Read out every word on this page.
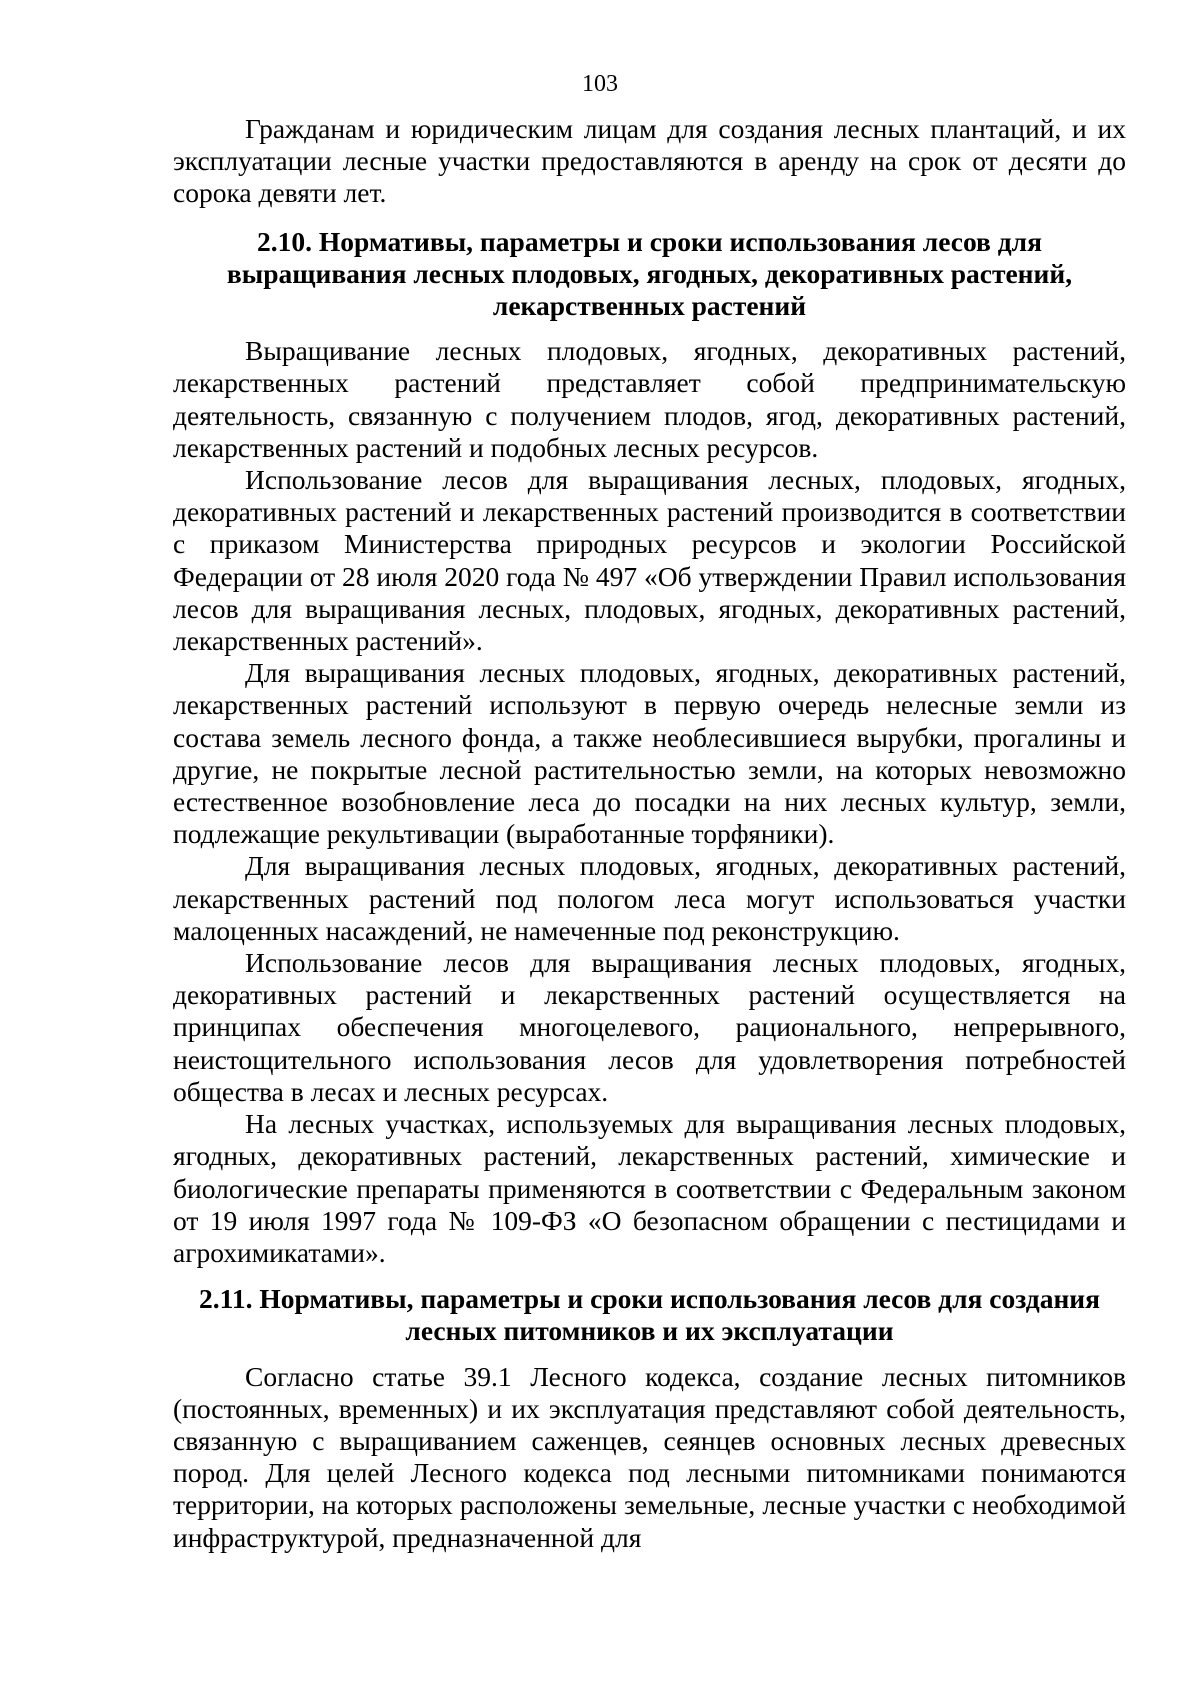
103

Гражданам и юридическим лицам для создания лесных плантаций, и их эксплуатации лесные участки предоставляются в аренду на срок от десяти до сорока девяти лет.

2.10. Нормативы, параметры и сроки использования лесов для
выращивания лесных плодовых, ягодных, декоративных растений,
лекарственных растений

Выращивание лесных плодовых, ягодных, декоративных растений, лекарственных растений представляет собой предпринимательскую деятельность, связанную с получением плодов, ягод, декоративных растений, лекарственных растений и подобных лесных ресурсов.

Использование лесов для выращивания лесных, плодовых, ягодных, декоративных растений и лекарственных растений производится в соответствии с приказом Министерства природных ресурсов и экологии Российской Федерации от 28 июля 2020 года № 497 «Об утверждении Правил использования лесов для выращивания лесных, плодовых, ягодных, декоративных растений, лекарственных растений».

Для выращивания лесных плодовых, ягодных, декоративных растений, лекарственных растений используют в первую очередь нелесные земли из состава земель лесного фонда, а также необлесившиеся вырубки, прогалины и другие, не покрытые лесной растительностью земли, на которых невозможно естественное возобновление леса до посадки на них лесных культур, земли, подлежащие рекультивации (выработанные торфяники).

Для выращивания лесных плодовых, ягодных, декоративных растений, лекарственных растений под пологом леса могут использоваться участки малоценных насаждений, не намеченные под реконструкцию.

Использование лесов для выращивания лесных плодовых, ягодных, декоративных растений и лекарственных растений осуществляется на принципах обеспечения многоцелевого, рационального, непрерывного, неистощительного использования лесов для удовлетворения потребностей общества в лесах и лесных ресурсах.

На лесных участках, используемых для выращивания лесных плодовых, ягодных, декоративных растений, лекарственных растений, химические и биологические препараты применяются в соответствии с Федеральным законом от 19 июля 1997 года № 109-ФЗ «О безопасном обращении с пестицидами и агрохимикатами».

2.11. Нормативы, параметры и сроки использования лесов для создания
лесных питомников и их эксплуатации

Согласно статье 39.1 Лесного кодекса, создание лесных питомников (постоянных, временных) и их эксплуатация представляют собой деятельность, связанную с выращиванием саженцев, сеянцев основных лесных древесных пород. Для целей Лесного кодекса под лесными питомниками понимаются территории, на которых расположены земельные, лесные участки с необходимой инфраструктурой, предназначенной для
